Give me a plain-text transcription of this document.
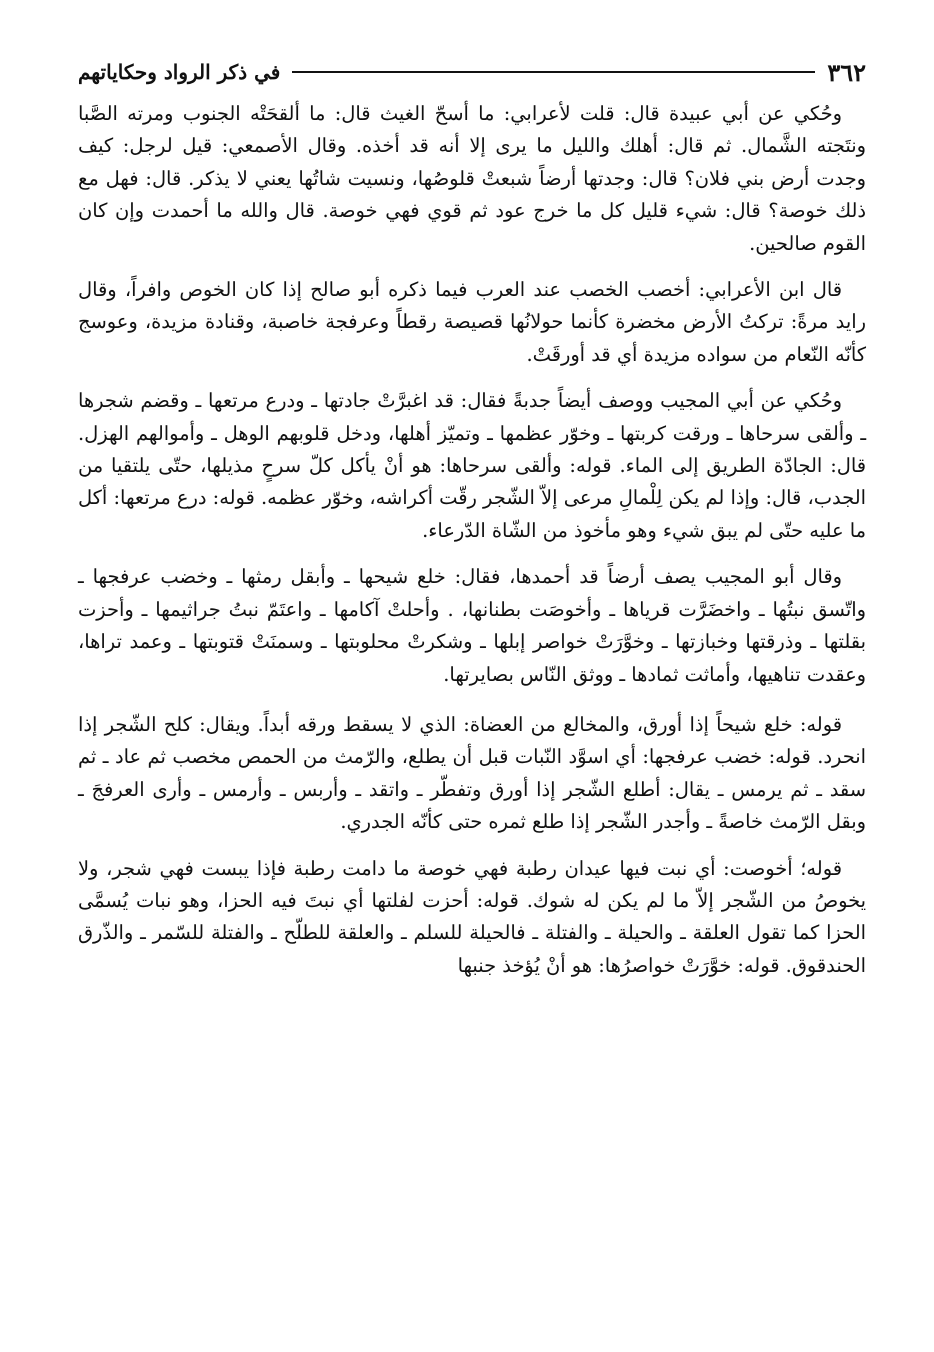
٣٦٢
في ذكر الرواد وحكاياتهم

وحُكي عن أبي عبيدة قال: قلت لأعرابي: ما أسحّ الغيث قال: ما ألقحَتْه الجنوب ومرته الصَّبا ونتَجته الشَّمال. ثم قال: أهلك والليل ما يرى إلا أنه قد أخذه. وقال الأصمعي: قيل لرجل: كيف وجدت أرض بني فلان؟ قال: وجدتها أرضاً شبعتْ قلوصُها، ونسيت شاتُها يعني لا يذكر. قال: فهل مع ذلك خوصة؟ قال: شيء قليل كل ما خرج عود ثم قوي فهي خوصة. قال والله ما أحمدت وإن كان القوم صالحين.

قال ابن الأعرابي: أخصب الخصب عند العرب فيما ذكره أبو صالح إذا كان الخوص وافراً، وقال رايد مرةً: تركتُ الأرض مخضرة كأنما حولانُها قصيصة رقطاً وعرفجة خاصبة، وقنادة مزيدة، وعوسج كأنّه النّعام من سواده مزيدة أي قد أورقَتْ.

وحُكي عن أبي المجيب ووصف أيضاً جدبةً فقال: قد اغبرَّتْ جادتها ـ ودرع مرتعها ـ وقضم شجرها ـ وألقى سرحاها ـ ورقت كربتها ـ وخوّر عظمها ـ وتميّز أهلها، ودخل قلوبهم الوهل ـ وأموالهم الهزل. قال: الجادّة الطريق إلى الماء. قوله: وألقى سرحاها: هو أنْ يأكل كلّ سرحٍ مذيلها، حتّى يلتقيا من الجدب، قال: وإذا لم يكن لِلْمالِ مرعى إلاّ الشّجر رقّت أكراشه، وخوّر عظمه. قوله: درع مرتعها: أكل ما عليه حتّى لم يبق شيء وهو مأخوذ من الشّاة الدّرعاء.

وقال أبو المجيب يصف أرضاً قد أحمدها، فقال: خلع شيحها ـ وأبقل رمثها ـ وخضب عرفجها ـ واتّسق نبتُها ـ واخضَرَّت قرياها ـ وأخوصَت بطنانها، . وأحلتْ آكامها ـ واعتَمّ نبتُ جراثيمها ـ وأحزت بقلتها ـ وذرقتها وخبازتها ـ وخوَّرَتْ خواصر إبلها ـ وشكرتْ محلوبتها ـ وسمنَتْ قتوبتها ـ وعمد تراها، وعقدت تناهيها، وأماثت ثمادها ـ ووثق النّاس بصايرتها.

قوله: خلع شيحاً إذا أورق، والمخالع من العضاة: الذي لا يسقط ورقه أبداً. ويقال: كلح الشّجر إذا انحرد. قوله: خضب عرفجها: أي اسوَّد النّبات قبل أن يطلع، والرّمث من الحمص مخصب ثم عاد ـ ثم سقد ـ ثم يرمس ـ يقال: أطلع الشّجر إذا أورق وتفطّر ـ واتقد ـ وأربس ـ وأرمس ـ وأرى العرفجَ ـ وبقل الرّمث خاصةً ـ وأجدر الشّجر إذا طلع ثمره حتى كأنّه الجدري.

قوله؛ أخوصت: أي نبت فيها عيدان رطبة فهي خوصة ما دامت رطبة فإذا يبست فهي شجر، ولا يخوصُ من الشّجر إلاّ ما لم يكن له شوك. قوله: أحزت لفلتها أي نبتَ فيه الحزا، وهو نبات يُسمَّى الحزا كما تقول العلقة ـ والحيلة ـ والفتلة ـ فالحيلة للسلم ـ والعلقة للطلّح ـ والفتلة للسّمر ـ والذّرق الحندقوق. قوله: خوَّرَتْ خواصرُها: هو أنْ يُؤخذ جنبها
